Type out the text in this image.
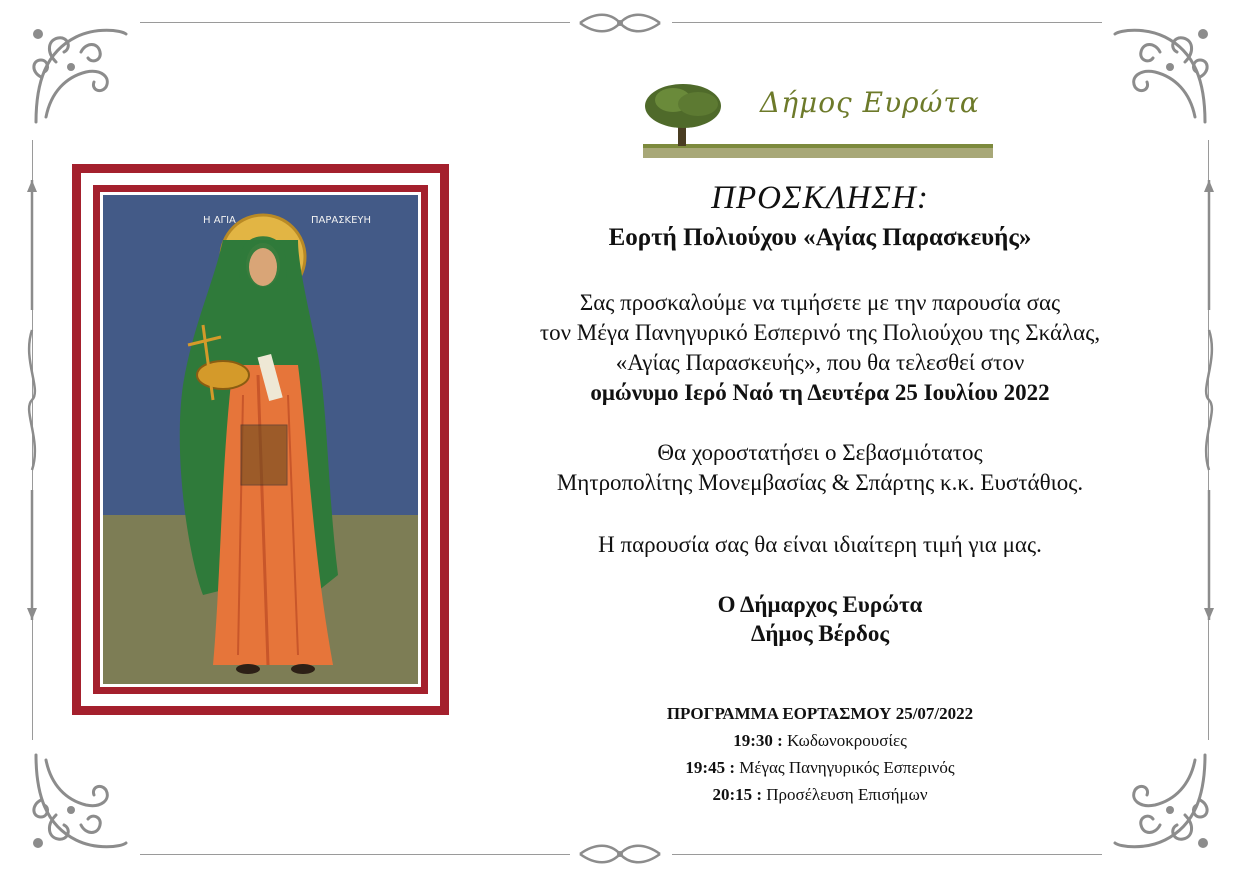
Η ΑΓΙΑ	ΠΑΡΑΣΚΕΥΗ
Δήμος Ευρώτα
ΠΡΟΣΚΛΗΣΗ:
Εορτή Πολιούχου «Αγίας Παρασκευής»
Σας προσκαλούμε να τιμήσετε με την παρουσία σας
τον Μέγα Πανηγυρικό Εσπερινό της Πολιούχου της Σκάλας,
«Αγίας Παρασκευής», που θα τελεσθεί στον
ομώνυμο Ιερό Ναό τη Δευτέρα 25 Ιουλίου 2022
Θα χοροστατήσει ο Σεβασμιότατος
Μητροπολίτης Μονεμβασίας & Σπάρτης κ.κ. Ευστάθιος.
Η παρουσία σας θα είναι ιδιαίτερη τιμή για μας.
Ο Δήμαρχος Ευρώτα
Δήμος Βέρδος
ΠΡΟΓΡΑΜΜΑ ΕΟΡΤΑΣΜΟΥ 25/07/2022
19:30 : Κωδωνοκρουσίες
19:45 : Μέγας Πανηγυρικός Εσπερινός
20:15 : Προσέλευση Επισήμων
